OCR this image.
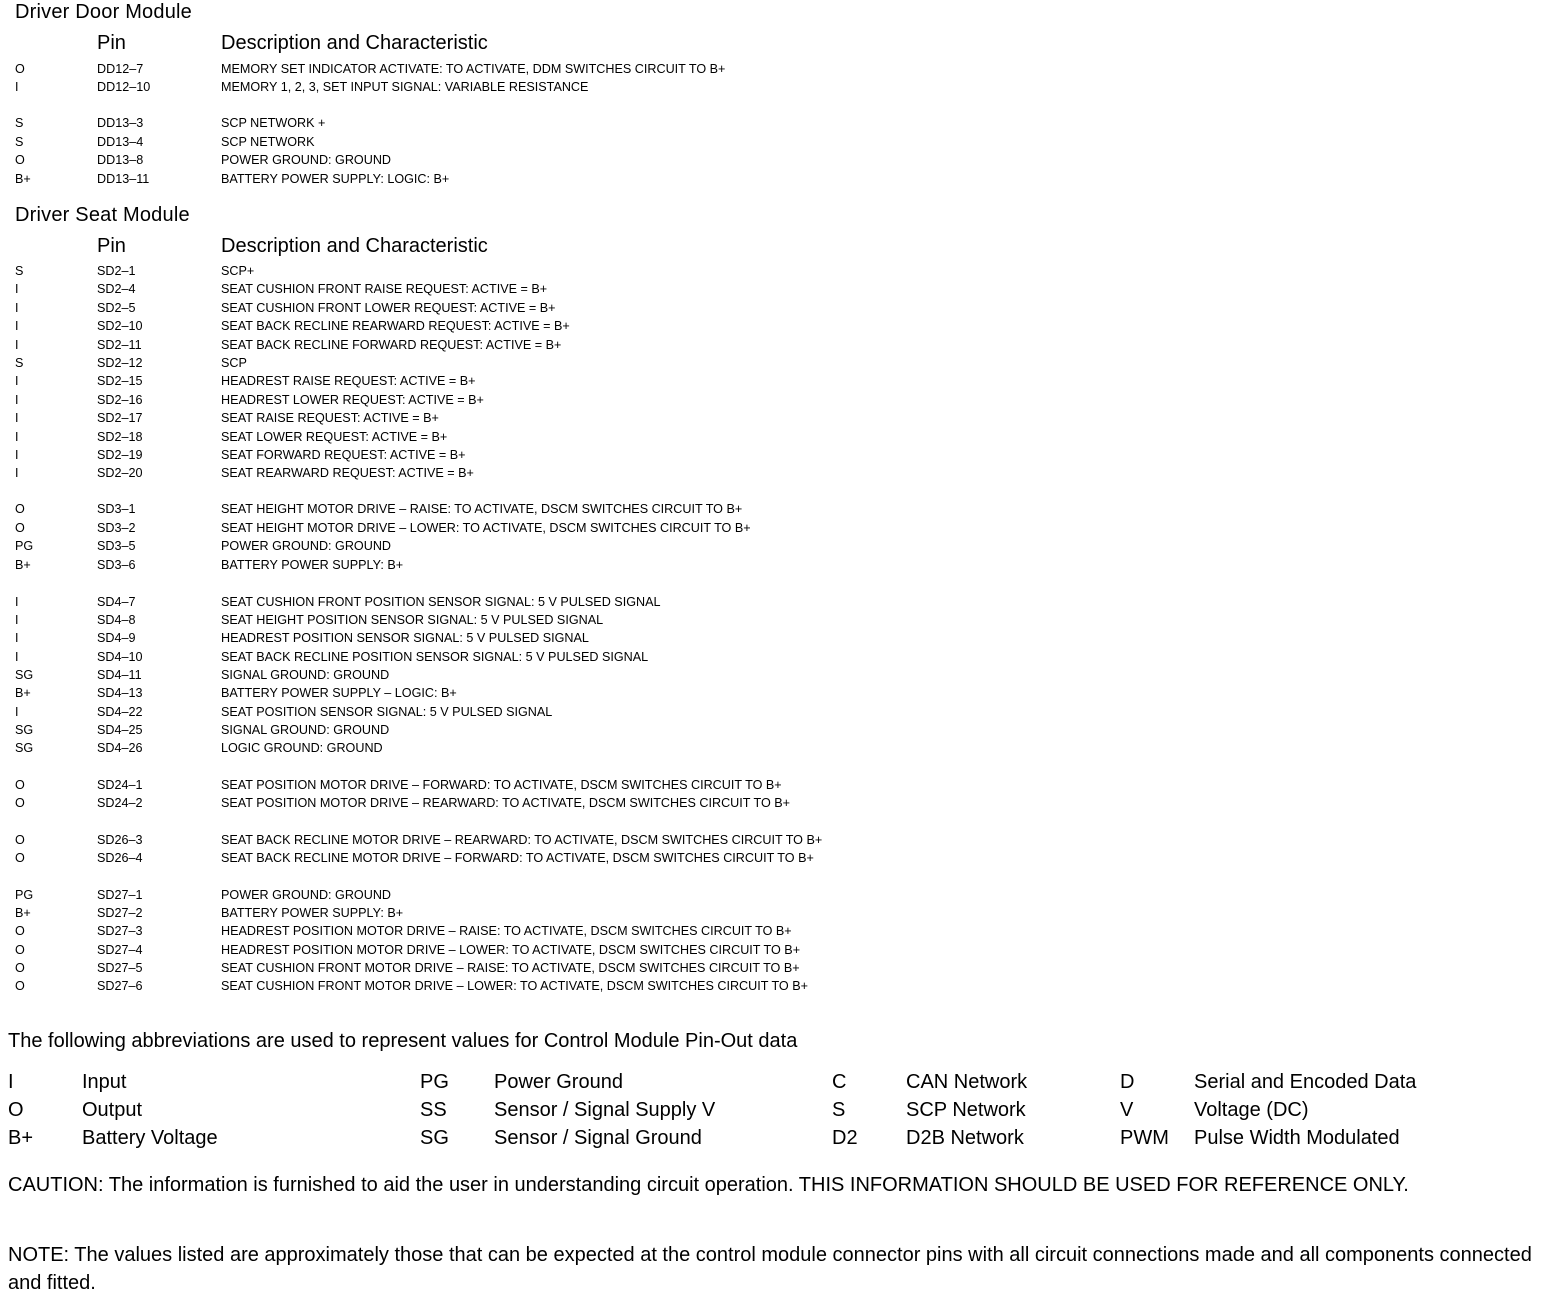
Driver Door Module
Pin	Description and Characteristic
O	DD12–7	MEMORY SET INDICATOR ACTIVATE: TO ACTIVATE, DDM SWITCHES CIRCUIT TO B+
I	DD12–10	MEMORY 1, 2, 3, SET INPUT SIGNAL: VARIABLE RESISTANCE
S	DD13–3	SCP NETWORK +
S	DD13–4	SCP NETWORK
O	DD13–8	POWER GROUND: GROUND
B+	DD13–11	BATTERY POWER SUPPLY: LOGIC: B+
Driver Seat Module
Pin	Description and Characteristic
S	SD2–1	SCP+
I	SD2–4	SEAT CUSHION FRONT RAISE REQUEST: ACTIVE = B+
I	SD2–5	SEAT CUSHION FRONT LOWER REQUEST: ACTIVE = B+
I	SD2–10	SEAT BACK RECLINE REARWARD REQUEST: ACTIVE = B+
I	SD2–11	SEAT BACK RECLINE FORWARD REQUEST: ACTIVE = B+
S	SD2–12	SCP
I	SD2–15	HEADREST RAISE REQUEST: ACTIVE = B+
I	SD2–16	HEADREST LOWER REQUEST: ACTIVE = B+
I	SD2–17	SEAT RAISE REQUEST: ACTIVE = B+
I	SD2–18	SEAT LOWER REQUEST: ACTIVE = B+
I	SD2–19	SEAT FORWARD REQUEST: ACTIVE = B+
I	SD2–20	SEAT REARWARD REQUEST: ACTIVE = B+
O	SD3–1	SEAT HEIGHT MOTOR DRIVE – RAISE: TO ACTIVATE, DSCM SWITCHES CIRCUIT TO B+
O	SD3–2	SEAT HEIGHT MOTOR DRIVE – LOWER: TO ACTIVATE, DSCM SWITCHES CIRCUIT TO B+
PG	SD3–5	POWER GROUND: GROUND
B+	SD3–6	BATTERY POWER SUPPLY: B+
I	SD4–7	SEAT CUSHION FRONT POSITION SENSOR SIGNAL: 5 V PULSED SIGNAL
I	SD4–8	SEAT HEIGHT POSITION SENSOR SIGNAL: 5 V PULSED SIGNAL
I	SD4–9	HEADREST POSITION SENSOR SIGNAL: 5 V PULSED SIGNAL
I	SD4–10	SEAT BACK RECLINE POSITION SENSOR SIGNAL: 5 V PULSED SIGNAL
SG	SD4–11	SIGNAL GROUND: GROUND
B+	SD4–13	BATTERY POWER SUPPLY – LOGIC: B+
I	SD4–22	SEAT POSITION SENSOR SIGNAL: 5 V PULSED SIGNAL
SG	SD4–25	SIGNAL GROUND: GROUND
SG	SD4–26	LOGIC GROUND: GROUND
O	SD24–1	SEAT POSITION MOTOR DRIVE – FORWARD: TO ACTIVATE, DSCM SWITCHES CIRCUIT TO B+
O	SD24–2	SEAT POSITION MOTOR DRIVE – REARWARD: TO ACTIVATE, DSCM SWITCHES CIRCUIT TO B+
O	SD26–3	SEAT BACK RECLINE MOTOR DRIVE – REARWARD: TO ACTIVATE, DSCM SWITCHES CIRCUIT TO B+
O	SD26–4	SEAT BACK RECLINE MOTOR DRIVE – FORWARD: TO ACTIVATE, DSCM SWITCHES CIRCUIT TO B+
PG	SD27–1	POWER GROUND: GROUND
B+	SD27–2	BATTERY POWER SUPPLY: B+
O	SD27–3	HEADREST POSITION MOTOR DRIVE – RAISE: TO ACTIVATE, DSCM SWITCHES CIRCUIT TO B+
O	SD27–4	HEADREST POSITION MOTOR DRIVE – LOWER: TO ACTIVATE, DSCM SWITCHES CIRCUIT TO B+
O	SD27–5	SEAT CUSHION FRONT MOTOR DRIVE – RAISE: TO ACTIVATE, DSCM SWITCHES CIRCUIT TO B+
O	SD27–6	SEAT CUSHION FRONT MOTOR DRIVE – LOWER: TO ACTIVATE, DSCM SWITCHES CIRCUIT TO B+
The following abbreviations are used to represent values for Control Module Pin-Out data
I	Input	PG Power Ground	C	CAN Network	D	Serial and Encoded Data
O	Output	SS Sensor / Signal Supply V	S	SCP Network	V	Voltage (DC)
B+ Battery Voltage	SG Sensor / Signal Ground	D2 D2B Network	PWM Pulse Width Modulated
CAUTION: The information is furnished to aid the user in understanding circuit operation. THIS INFORMATION SHOULD BE USED FOR REFERENCE ONLY.
NOTE: The values listed are approximately those that can be expected at the control module connector pins with all circuit connections made and all components connected and fitted.
